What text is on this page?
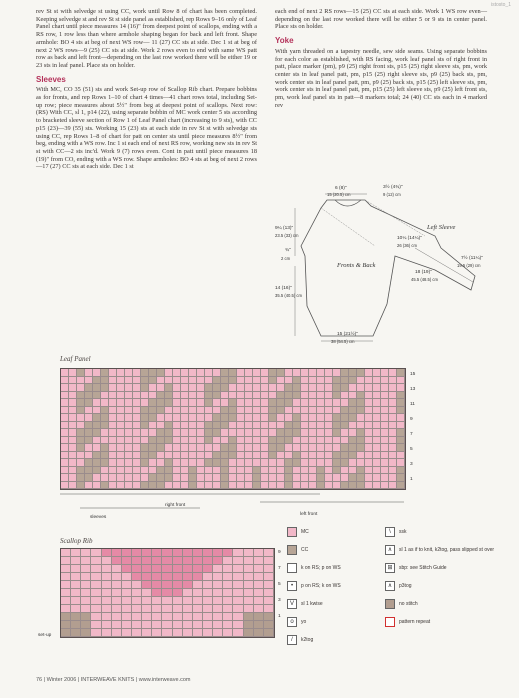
istosto_1

rev St st with selvedge st using CC, work until Row 8 of chart has been completed. Keeping selvedge st and rev St st side panel as established, rep Rows 9–16 only of Leaf Panel chart until piece measures 14 (16)" from deepest point of scallops, ending with a RS row, 1 row less than where armhole shaping began for back and left front. Shape armhole: BO 4 sts at beg of next WS row— 11 (27) CC sts at side. Dec 1 st at beg of next 2 WS rows—9 (25) CC sts at side. Work 2 rows even to end with same WS patt row as back and left front—depending on the last row worked there will be either 19 or 23 sts in leaf panel. Place sts on holder.

Sleeves

With MC, CO 35 (51) sts and work Set-up row of Scallop Rib chart. Prepare bobbins as for fronts, and rep Rows 1–10 of chart 4 times—41 chart rows total, including Set-up row; piece measures about 5½" from beg at deepest point of scallops. Next row: (RS) With CC, sl 1, p14 (22), using separate bobbin of MC work center 5 sts according to bracketed sleeve section of Row 1 of Leaf Panel chart (increasing to 9 sts), with CC p15 (23)—39 (55) sts. Working 15 (23) sts at each side in rev St st with selvedge sts using CC, rep Rows 1–8 of chart for patt on center sts until piece measures 8½" from beg, ending with a WS row. Inc 1 st each end of next RS row, working new sts in rev St st with CC—2 sts inc'd. Work 9 (7) rows even. Cont in patt until piece measures 18 (19)" from CO, ending with a WS row. Shape armholes: BO 4 sts at beg of next 2 rows—17 (27) CC sts at each side. Dec 1 st

each end of next 2 RS rows—15 (25) CC sts at each side. Work 1 WS row even—depending on the last row worked there will be either 5 or 9 sts in center panel. Place sts on holder.

Yoke

With yarn threaded on a tapestry needle, sew side seams. Using separate bobbins for each color as established, with RS facing, work leaf panel sts of right front in patt, place marker (pm), p9 (25) right front sts, p15 (25) right sleeve sts, pm, work center sts in leaf panel patt, pm, p15 (25) right sleeve sts, p9 (25) back sts, pm, work center sts in leaf panel patt, pm, p9 (25) back sts, p15 (25) left sleeve sts, pm, work center sts in leaf panel patt, pm, p15 (25) left sleeve sts, p9 (25) left front sts, pm, work leaf panel sts in patt—8 markers total; 24 (40) CC sts each in 4 marked rev

6 (8)"
15 (20.5) cm
3½ (4¾)"
9 (12) cm
Left Sleeve
10¼ (14¼)"
26 (36) cm
9¼ (13)"
23.5 (33) cm
¾"
2 cm
Fronts & Back
14 (16)"
35.5 (40.5) cm
18 (19)"
45.5 (48.5) cm
7½ (11¼)"
19.5 (29) cm
15 (21½)"
38 (54.5) cm
Leaf Panel
15
13
11
9
7
5
3
1
right front
sleeves
left front
Scallop Rib
9
7
5
3
1
set-up
MC
CC
k on RS; p on WS
•	p on RS; k on WS
V	sl 1 kwise
o	yo
/	k2tog
\	ssk
∧	sl 1 as if to knit, k2tog, pass slipped st over
⊞	sbp: see Stitch Guide
∧	p3tog
no stitch
pattern repeat
76 | Winter 2006 | INTERWEAVE KNITS | www.interweave.com
